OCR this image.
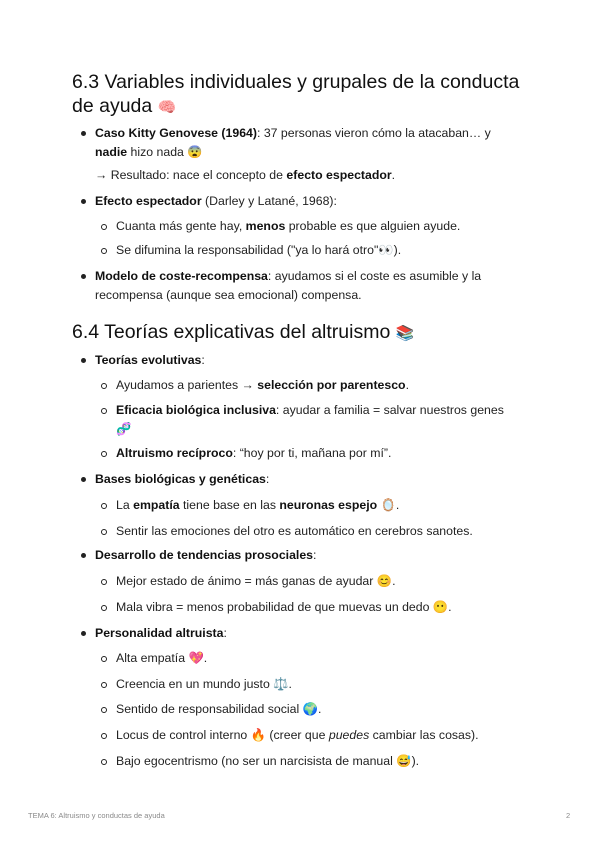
6.3 Variables individuales y grupales de la conducta de ayuda 🧠
Caso Kitty Genovese (1964): 37 personas vieron cómo la atacaban… y
nadie hizo nada 😨
→ Resultado: nace el concepto de efecto espectador.
Efecto espectador (Darley y Latané, 1968):
Cuanta más gente hay, menos probable es que alguien ayude.
Se difumina la responsabilidad ("ya lo hará otro"👀).
Modelo de coste-recompensa: ayudamos si el coste es asumible y la
recompensa (aunque sea emocional) compensa.
6.4 Teorías explicativas del altruismo 📚
Teorías evolutivas:
Ayudamos a parientes → selección por parentesco.
Eficacia biológica inclusiva: ayudar a familia = salvar nuestros genes
🧬
Altruismo recíproco: “hoy por ti, mañana por mí”.
Bases biológicas y genéticas:
La empatía tiene base en las neuronas espejo 🪞.
Sentir las emociones del otro es automático en cerebros sanotes.
Desarrollo de tendencias prosociales:
Mejor estado de ánimo = más ganas de ayudar 😊.
Mala vibra = menos probabilidad de que muevas un dedo 😶.
Personalidad altruista:
Alta empatía 💖.
Creencia en un mundo justo ⚖️.
Sentido de responsabilidad social 🌍.
Locus de control interno 🔥 (creer que puedes cambiar las cosas).
Bajo egocentrismo (no ser un narcisista de manual 😅).
TEMA 6: Altruismo y conductas de ayuda	2
